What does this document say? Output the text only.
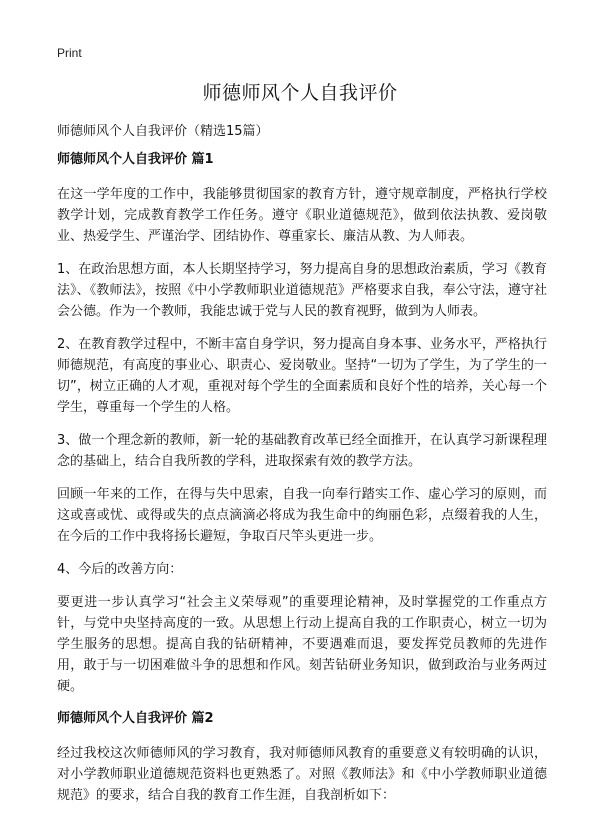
Print
师德师风个人自我评价
师德师风个人自我评价（精选15篇）
师德师风个人自我评价 篇1

在这一学年度的工作中，我能够贯彻国家的教育方针，遵守规章制度，严格执行学校教学计划，完成教育教学工作任务。遵守《职业道德规范》，做到依法执教、爱岗敬业、热爱学生、严谨治学、团结协作、尊重家长、廉洁从教、为人师表。

1、在政治思想方面，本人长期坚持学习，努力提高自身的思想政治素质，学习《教育法》、《教师法》，按照《中小学教师职业道德规范》严格要求自我，奉公守法，遵守社会公德。作为一个教师，我能忠诚于党与人民的教育视野，做到为人师表。

2、在教育教学过程中，不断丰富自身学识，努力提高自身本事、业务水平，严格执行师德规范，有高度的事业心、职责心、爱岗敬业。坚持“一切为了学生，为了学生的一切”，树立正确的人才观，重视对每个学生的全面素质和良好个性的培养，关心每一个学生，尊重每一个学生的人格。

3、做一个理念新的教师，新一轮的基础教育改革已经全面推开，在认真学习新课程理念的基础上，结合自我所教的学科，进取探索有效的教学方法。

回顾一年来的工作，在得与失中思索，自我一向奉行踏实工作、虚心学习的原则，而这或喜或忧、或得或失的点点滴滴必将成为我生命中的绚丽色彩，点缀着我的人生，在今后的工作中我将扬长避短，争取百尺竿头更进一步。

4、今后的改善方向：

要更进一步认真学习“社会主义荣辱观”的重要理论精神，及时掌握党的工作重点方针，与党中央坚持高度的一致。从思想上行动上提高自我的工作职责心，树立一切为学生服务的思想。提高自我的钻研精神，不要遇难而退，要发挥党员教师的先进作用，敢于与一切困难做斗争的思想和作风。刻苦钻研业务知识，做到政治与业务两过硬。

师德师风个人自我评价 篇2

经过我校这次师德师风的学习教育，我对师德师风教育的重要意义有较明确的认识，对小学教师职业道德规范资料也更熟悉了。对照《教师法》和《中小学教师职业道德规范》的要求，结合自我的教育工作生涯，自我剖析如下：
